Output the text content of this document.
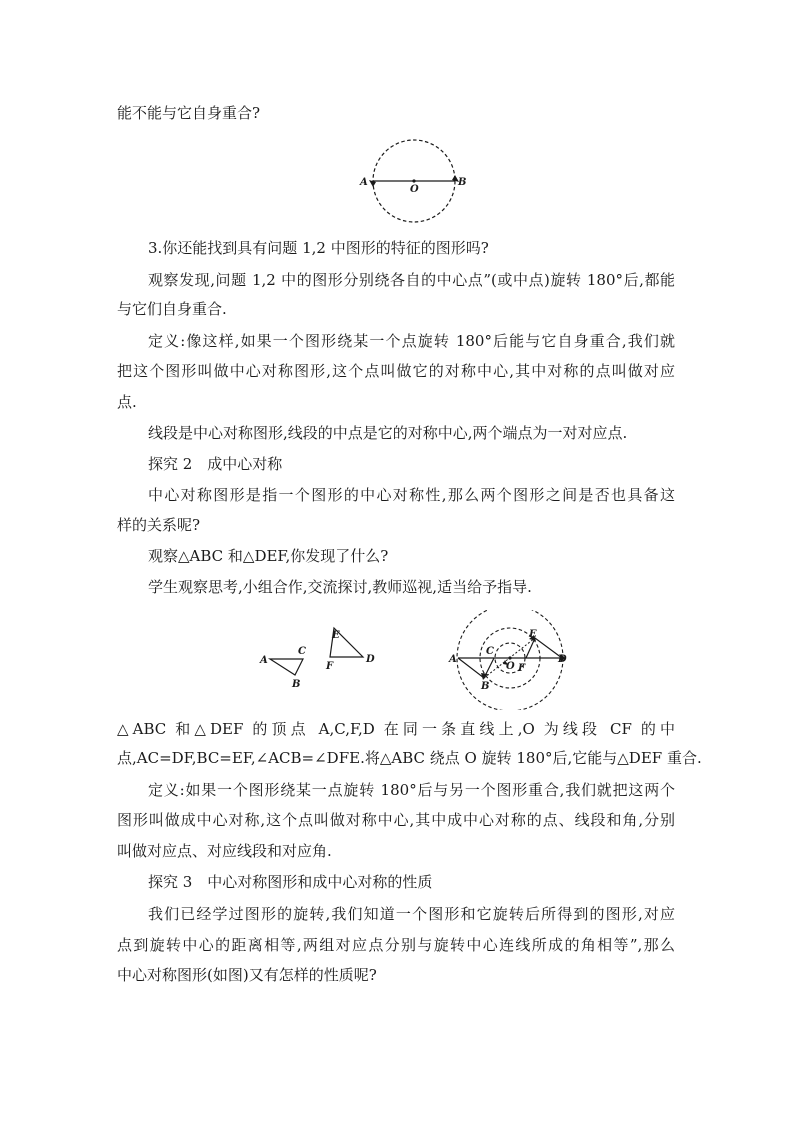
能不能与它自身重合?
A	B
O
3.你还能找到具有问题 1,2 中图形的特征的图形吗?
观察发现,问题 1,2 中的图形分别绕各自的中心点”(或中点)旋转 180°后,都能
与它们自身重合.
定义:像这样,如果一个图形绕某一个点旋转 180°后能与它自身重合,我们就
把这个图形叫做中心对称图形,这个点叫做它的对称中心,其中对称的点叫做对应
点.
线段是中心对称图形,线段的中点是它的对称中心,两个端点为一对对应点.
探究 2　成中心对称
中心对称图形是指一个图形的中心对称性,那么两个图形之间是否也具备这
样的关系呢?
观察△ABC 和△DEF,你发现了什么?
学生观察思考,小组合作,交流探讨,教师巡视,适当给予指导.
A
C
B
E
F
D	A
B
C
D
E
F
O
△ABC 和△DEF 的顶点 A,C,F,D 在同一条直线上,O 为线段 CF 的中
点,AC=DF,BC=EF,∠ACB=∠DFE.将△ABC 绕点 O 旋转 180°后,它能与△DEF 重合.
定义:如果一个图形绕某一点旋转 180°后与另一个图形重合,我们就把这两个
图形叫做成中心对称,这个点叫做对称中心,其中成中心对称的点、线段和角,分别
叫做对应点、对应线段和对应角.
探究 3　中心对称图形和成中心对称的性质
我们已经学过图形的旋转,我们知道一个图形和它旋转后所得到的图形,对应
点到旋转中心的距离相等,两组对应点分别与旋转中心连线所成的角相等”,那么
中心对称图形(如图)又有怎样的性质呢?
